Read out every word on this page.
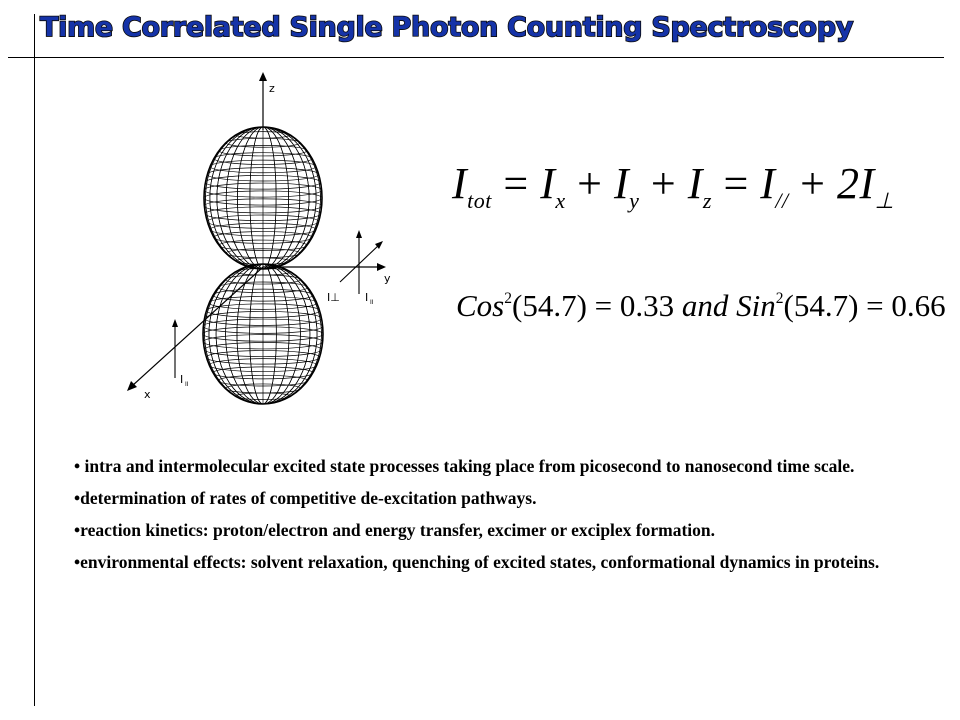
Time Correlated Single Photon Counting Spectroscopy
z
y
x
I⊥ I II
I II
$I_{tot} = I_x + I_y + I_z = I_{//} + 2I_\perp$
Cos$^2$(54.7) = 0.33 and Sin$^2$(54.7) = 0.66

• intra and intermolecular excited state processes taking place from picosecond to nanosecond time scale.

•determination of rates of competitive de-excitation pathways.

•reaction kinetics: proton/electron and energy transfer, excimer or exciplex formation.

•environmental effects: solvent relaxation, quenching of excited states, conformational dynamics in proteins.
